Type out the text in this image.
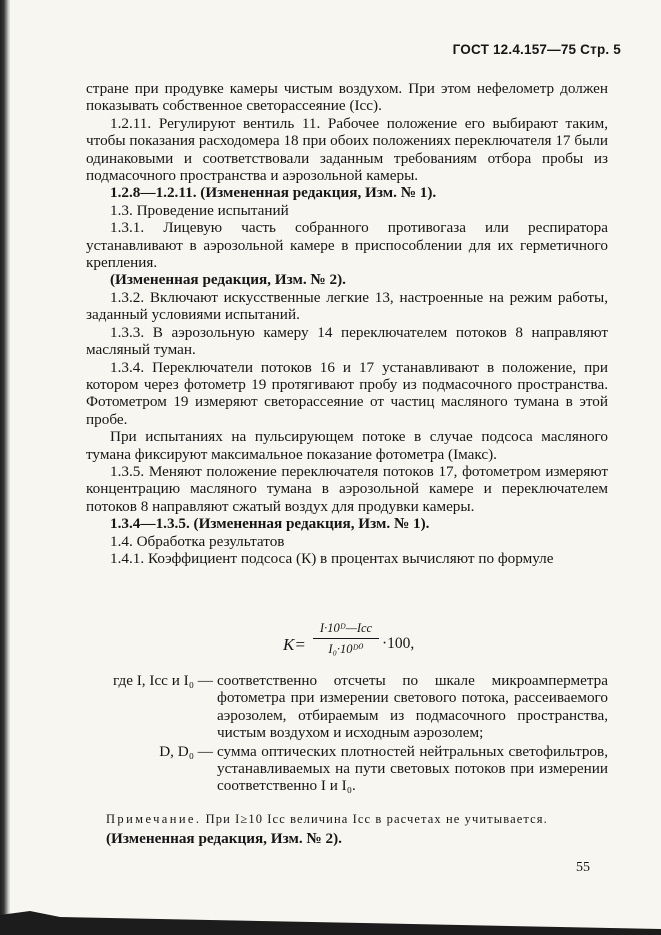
ГОСТ 12.4.157—75 Стр. 5

стране при продувке камеры чистым воздухом. При этом нефелометр должен показывать собственное светорассеяние (Iсс).

1.2.11. Регулируют вентиль 11. Рабочее положение его выбирают таким, чтобы показания расходомера 18 при обоих положениях переключателя 17 были одинаковыми и соответствовали заданным требованиям отбора пробы из подмасочного пространства и аэрозольной камеры.

1.2.8—1.2.11. (Измененная редакция, Изм. № 1).

1.3. Проведение испытаний

1.3.1. Лицевую часть собранного противогаза или респиратора устанавливают в аэрозольной камере в приспособлении для их герметичного крепления.

(Измененная редакция, Изм. № 2).

1.3.2. Включают искусственные легкие 13, настроенные на режим работы, заданный условиями испытаний.

1.3.3. В аэрозольную камеру 14 переключателем потоков 8 направляют масляный туман.

1.3.4. Переключатели потоков 16 и 17 устанавливают в положение, при котором через фотометр 19 протягивают пробу из подмасочного пространства. Фотометром 19 измеряют светорассеяние от частиц масляного тумана в этой пробе.

При испытаниях на пульсирующем потоке в случае подсоса масляного тумана фиксируют максимальное показание фотометра (Iмакс).

1.3.5. Меняют положение переключателя потоков 17, фотометром измеряют концентрацию масляного тумана в аэрозольной камере и переключателем потоков 8 направляют сжатый воздух для продувки камеры.

1.3.4—1.3.5. (Измененная редакция, Изм. № 1).

1.4. Обработка результатов

1.4.1. Коэффициент подсоса (К) в процентах вычисляют по формуле

K=
I·10ᴰ—Iсс
I₀·10ᴰ⁰	·100,
где I, Iсс и I₀ — соответственно отсчеты по шкале микроамперметра фотометра при измерении светового потока, рассеиваемого аэрозолем, отбираемым из подмасочного пространства, чистым воздухом и исходным аэрозолем;
D, D₀ — сумма оптических плотностей нейтральных светофильтров, устанавливаемых на пути световых потоков при измерении соответственно I и I₀.
Примечание. При I≥10 Iсс величина Iсс в расчетах не учитывается.
(Измененная редакция, Изм. № 2).
55
